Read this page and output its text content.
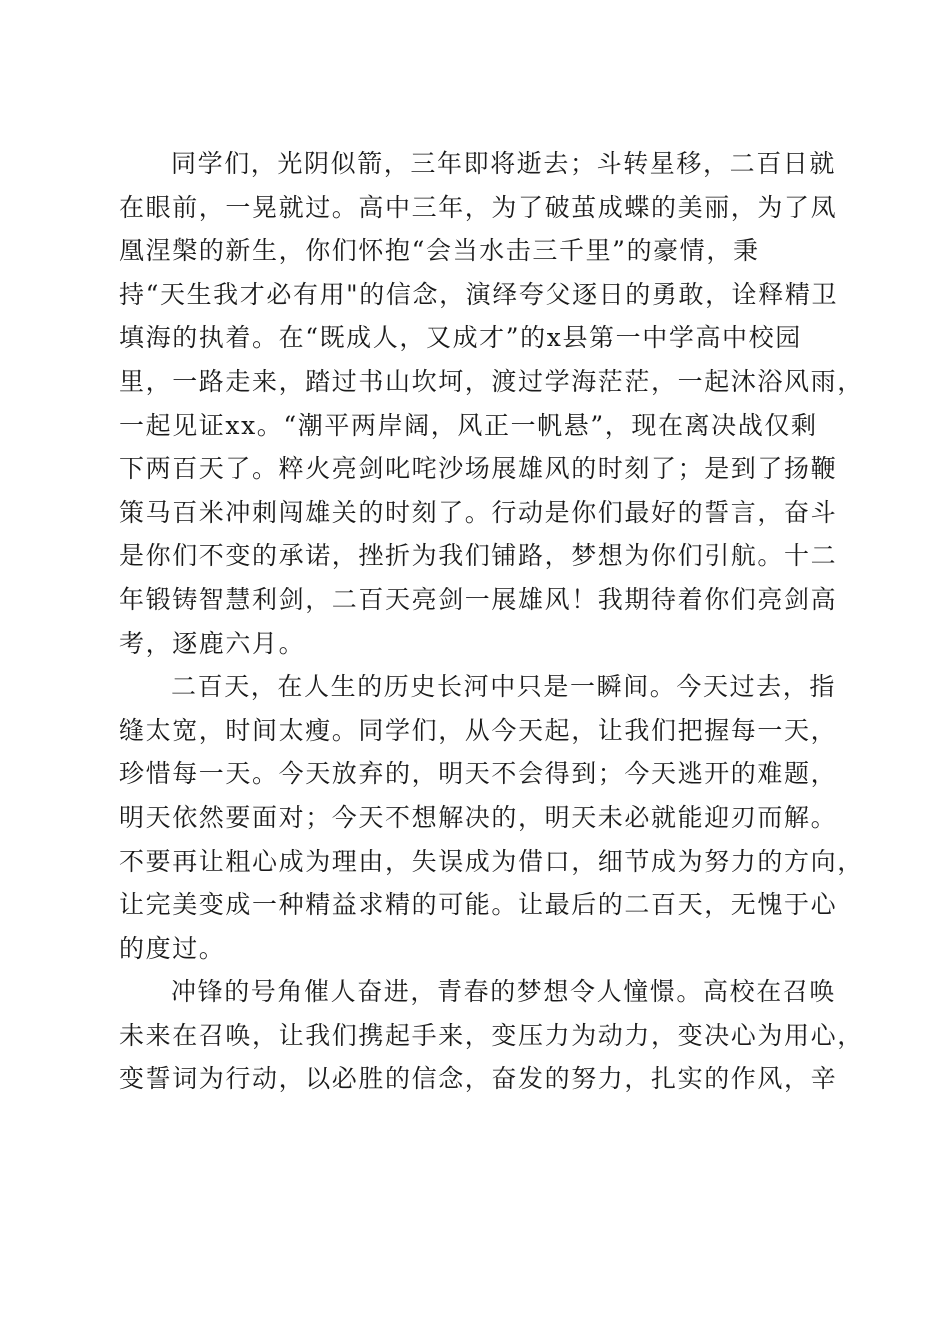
同学们，光阴似箭，三年即将逝去；斗转星移，二百日就
在眼前，一晃就过。高中三年，为了破茧成蝶的美丽，为了凤
凰涅槃的新生，你们怀抱“会当水击三千里”的豪情，秉
持“天生我才必有用"的信念，演绎夸父逐日的勇敢，诠释精卫
填海的执着。在“既成人，又成才”的x县第一中学高中校园
里，一路走来，踏过书山坎坷，渡过学海茫茫，一起沐浴风雨，
一起见证xx。“潮平两岸阔，风正一帆悬”，现在离决战仅剩
下两百天了。粹火亮剑叱咤沙场展雄风的时刻了；是到了扬鞭
策马百米冲刺闯雄关的时刻了。行动是你们最好的誓言，奋斗
是你们不变的承诺，挫折为我们铺路，梦想为你们引航。十二
年锻铸智慧利剑，二百天亮剑一展雄风！我期待着你们亮剑高
考，逐鹿六月。

二百天，在人生的历史长河中只是一瞬间。今天过去，指
缝太宽，时间太瘦。同学们，从今天起，让我们把握每一天，
珍惜每一天。今天放弃的，明天不会得到；今天逃开的难题，
明天依然要面对；今天不想解决的，明天未必就能迎刃而解。
不要再让粗心成为理由，失误成为借口，细节成为努力的方向，
让完美变成一种精益求精的可能。让最后的二百天，无愧于心
的度过。

冲锋的号角催人奋进，青春的梦想令人憧憬。高校在召唤
未来在召唤，让我们携起手来，变压力为动力，变决心为用心，
变誓词为行动，以必胜的信念，奋发的努力，扎实的作风，辛
